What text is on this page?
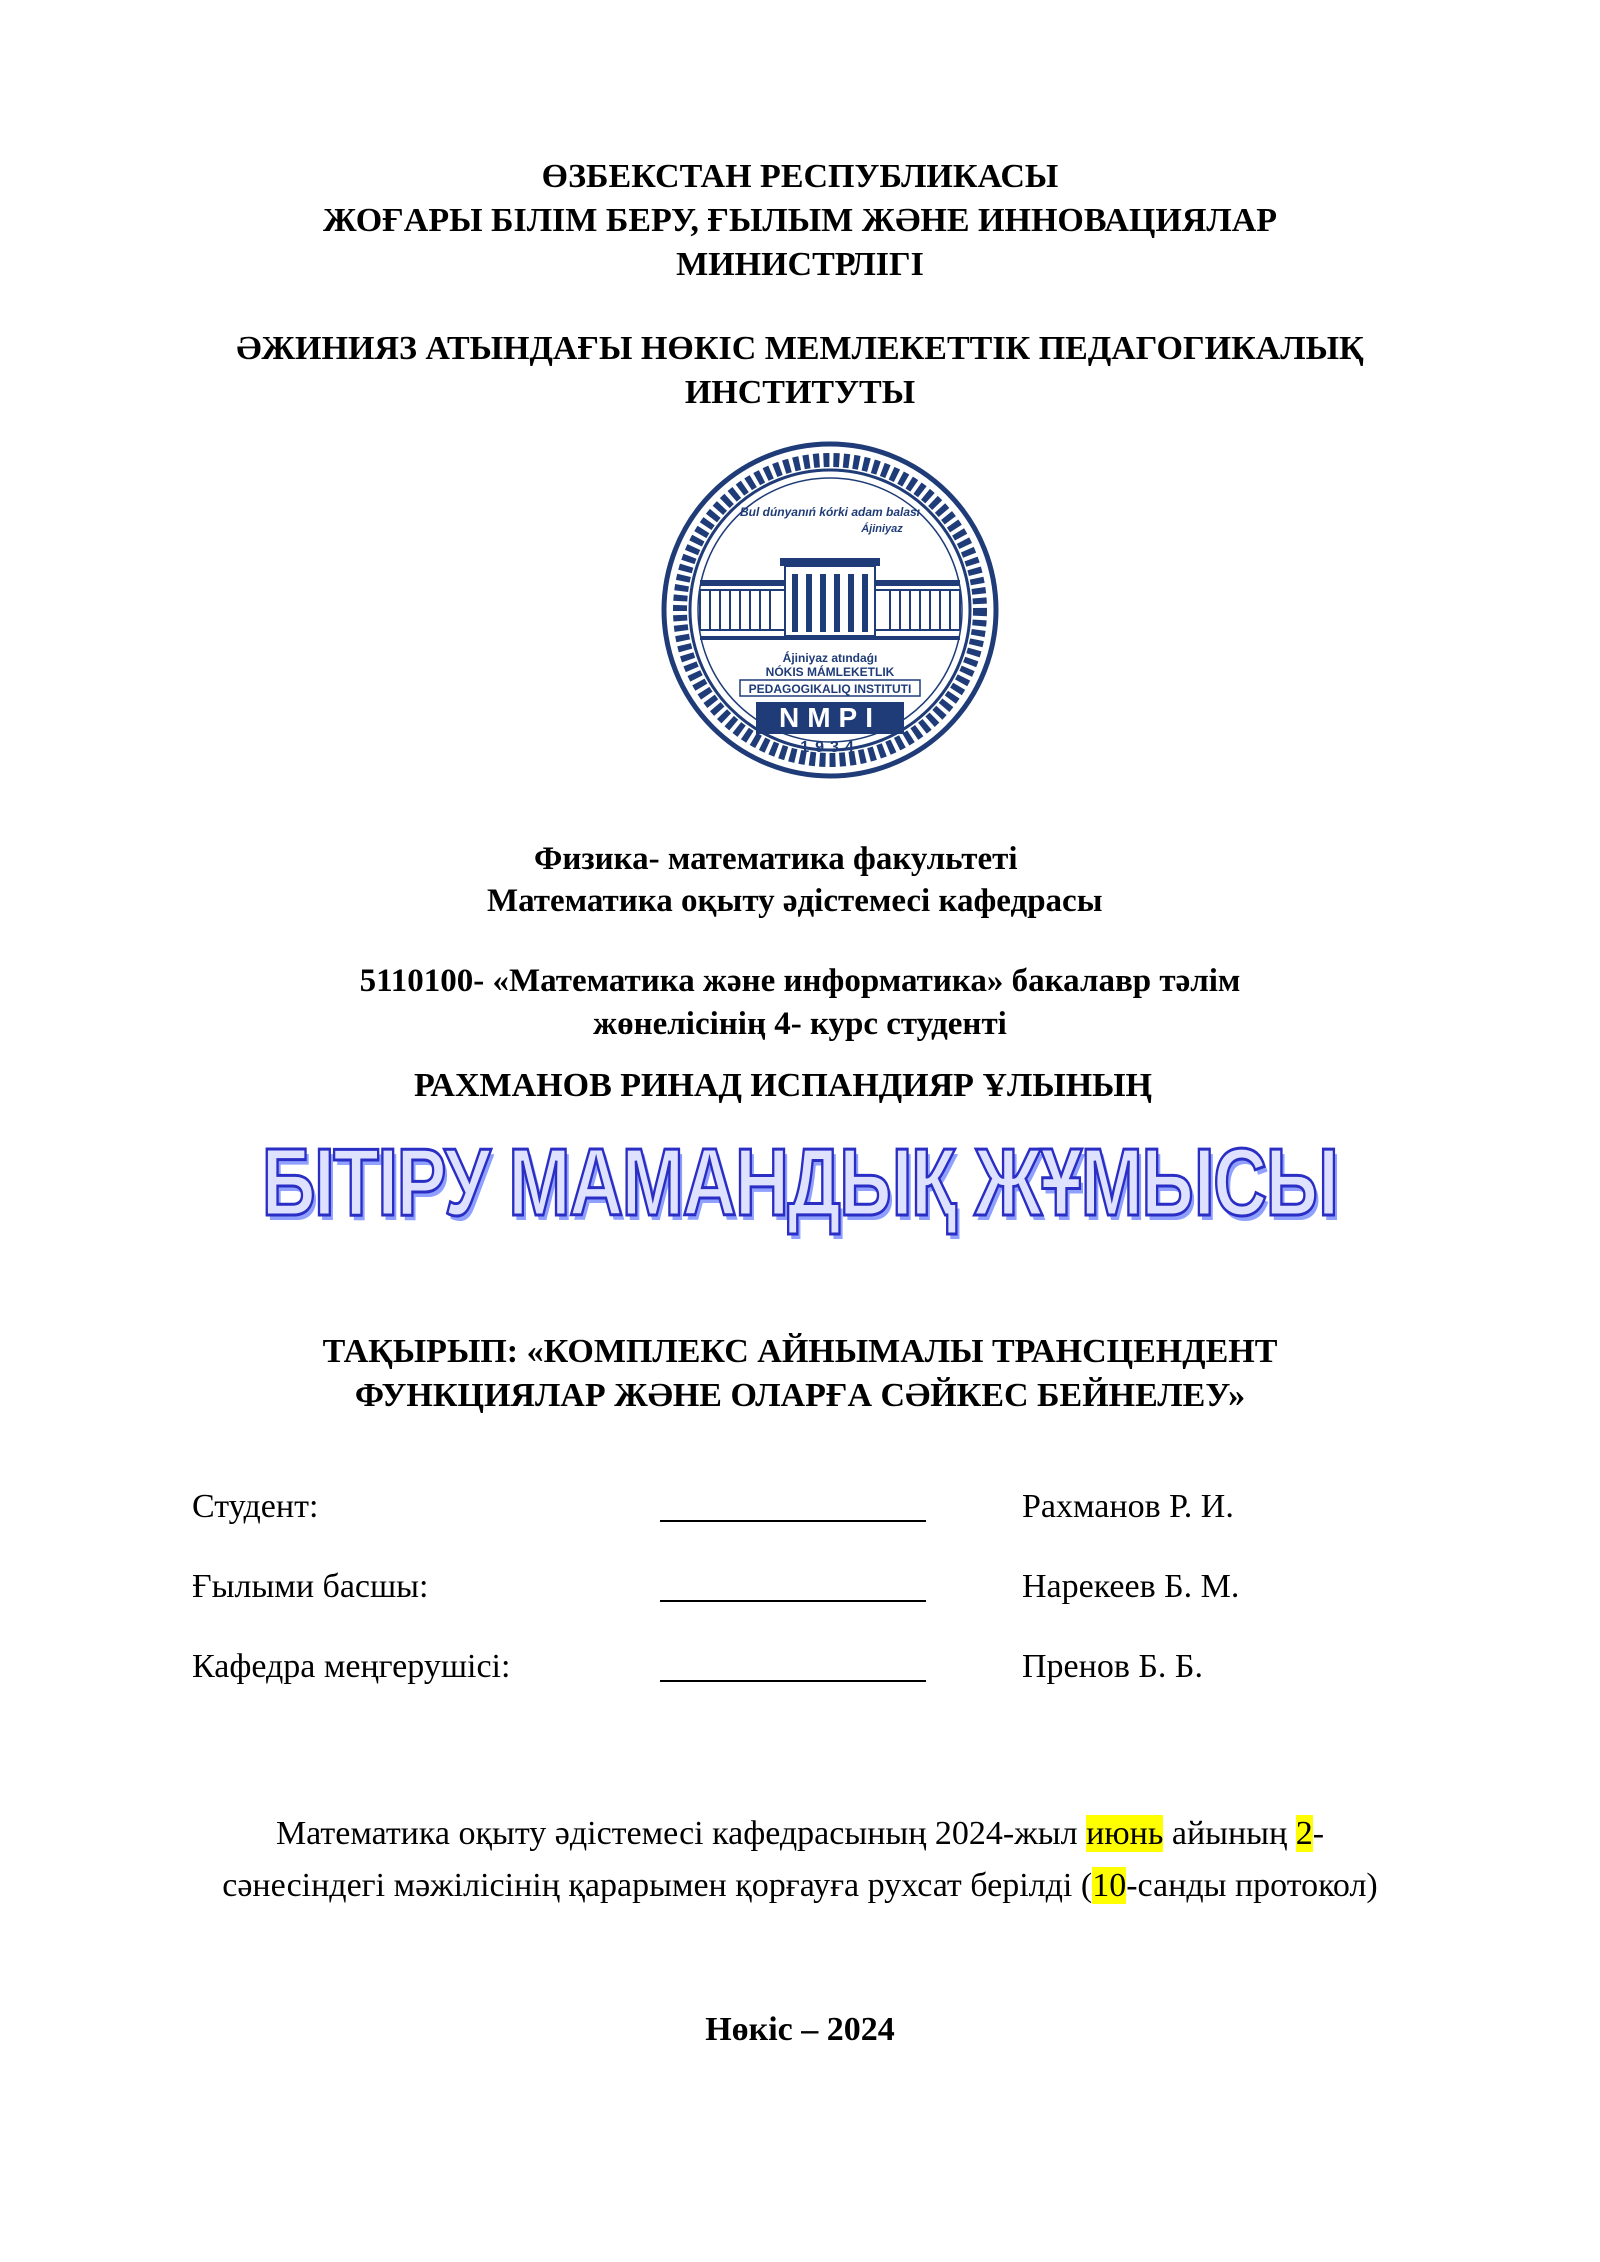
ӨЗБЕКСТАН РЕСПУБЛИКАСЫ
ЖОҒАРЫ БІЛІМ БЕРУ, ҒЫЛЫМ ЖӘНЕ ИННОВАЦИЯЛАР
МИНИСТРЛІГІ
ӘЖИНИЯЗ АТЫНДАҒЫ НӨКІС МЕМЛЕКЕТТІК ПЕДАГОГИКАЛЫҚ
ИНСТИТУТЫ
Bul dúnyanıń kórki adam balası
Ájiniyaz
Ájiniyaz atındaǵı
NÓKIS MÁMLEKETLIK
PEDAGOGIKALIQ INSTITUTI
NMPI
1934
Физика- математика факультеті
Математика оқыту әдістемесі кафедрасы
5110100- «Математика және информатика» бакалавр тәлім
жөнелісінің 4- курс студенті
РАХМАНОВ РИНАД ИСПАНДИЯР ҰЛЫНЫҢ
БІТІРУ МАМАНДЫҚ ЖҰМЫСЫ
ТАҚЫРЫП: «КОМПЛЕКС АЙНЫМАЛЫ ТРАНСЦЕНДЕНТ
ФУНКЦИЯЛАР ЖӘНЕ ОЛАРҒА СӘЙКЕС БЕЙНЕЛЕУ»
Студент:	Рахманов Р. И.
Ғылыми басшы:	Нарекеев Б. М.
Кафедра меңгерушісі:	Пренов Б. Б.
Математика оқыту әдістемесі кафедрасының 2024-жыл июнь айының 2-
сәнесіндегі мәжілісінің қарарымен қорғауға рухсат берілді (10-санды протокол)
Нөкіс – 2024
